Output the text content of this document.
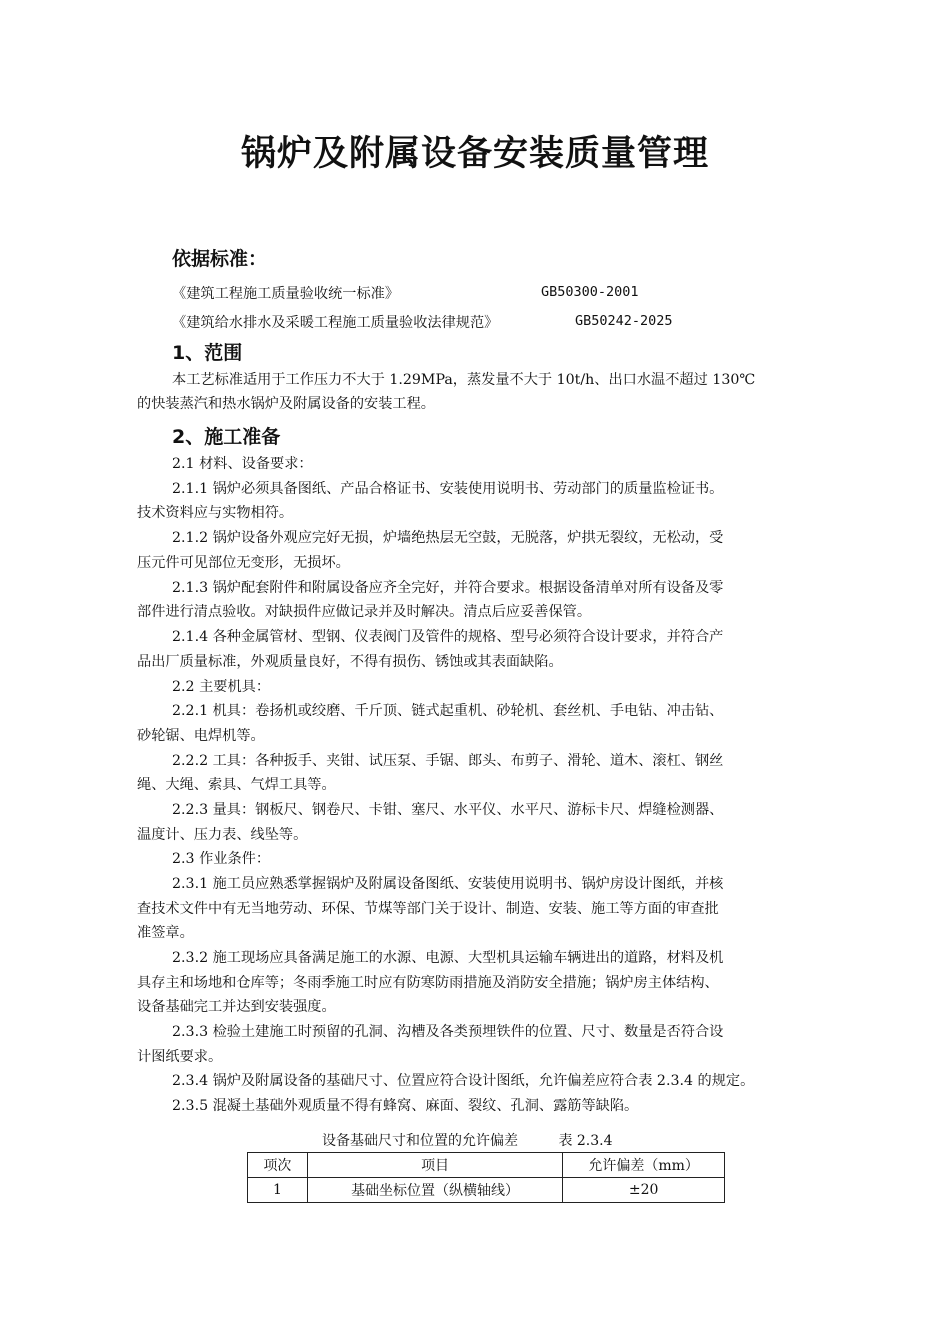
锅炉及附属设备安装质量管理
依据标准：
《建筑工程施工质量验收统一标准》	GB50300-2001
《建筑给水排水及采暖工程施工质量验收法律规范》	GB50242-2025
1、范围
本工艺标准适用于工作压力不大于 1.29MPa，蒸发量不大于 10t/h、出口水温不超过 130℃
的快装蒸汽和热水锅炉及附属设备的安装工程。
2、施工准备
2.1 材料、设备要求：
2.1.1 锅炉必须具备图纸、产品合格证书、安装使用说明书、劳动部门的质量监检证书。
技术资料应与实物相符。
2.1.2 锅炉设备外观应完好无损，炉墙绝热层无空鼓，无脱落，炉拱无裂纹，无松动，受
压元件可见部位无变形，无损坏。
2.1.3 锅炉配套附件和附属设备应齐全完好，并符合要求。根据设备清单对所有设备及零
部件进行清点验收。对缺损件应做记录并及时解决。清点后应妥善保管。
2.1.4 各种金属管材、型钢、仪表阀门及管件的规格、型号必须符合设计要求，并符合产
品出厂质量标准，外观质量良好，不得有损伤、锈蚀或其表面缺陷。
2.2 主要机具：
2.2.1 机具：卷扬机或绞磨、千斤顶、链式起重机、砂轮机、套丝机、手电钻、冲击钻、
砂轮锯、电焊机等。
2.2.2 工具：各种扳手、夹钳、试压泵、手锯、郎头、布剪子、滑轮、道木、滚杠、钢丝
绳、大绳、索具、气焊工具等。
2.2.3 量具：钢板尺、钢卷尺、卡钳、塞尺、水平仪、水平尺、游标卡尺、焊缝检测器、
温度计、压力表、线坠等。
2.3 作业条件：
2.3.1 施工员应熟悉掌握锅炉及附属设备图纸、安装使用说明书、锅炉房设计图纸，并核
查技术文件中有无当地劳动、环保、节煤等部门关于设计、制造、安装、施工等方面的审查批
准签章。
2.3.2 施工现场应具备满足施工的水源、电源、大型机具运输车辆进出的道路，材料及机
具存主和场地和仓库等；冬雨季施工时应有防寒防雨措施及消防安全措施；锅炉房主体结构、
设备基础完工并达到安装强度。
2.3.3 检验土建施工时预留的孔洞、沟槽及各类预埋铁件的位置、尺寸、数量是否符合设
计图纸要求。
2.3.4 锅炉及附属设备的基础尺寸、位置应符合设计图纸，允许偏差应符合表 2.3.4 的规定。
2.3.5 混凝土基础外观质量不得有蜂窝、麻面、裂纹、孔洞、露筋等缺陷。
设备基础尺寸和位置的允许偏差	表 2.3.4
项次	项目	允许偏差（mm）
1	基础坐标位置（纵横轴线）	±20
